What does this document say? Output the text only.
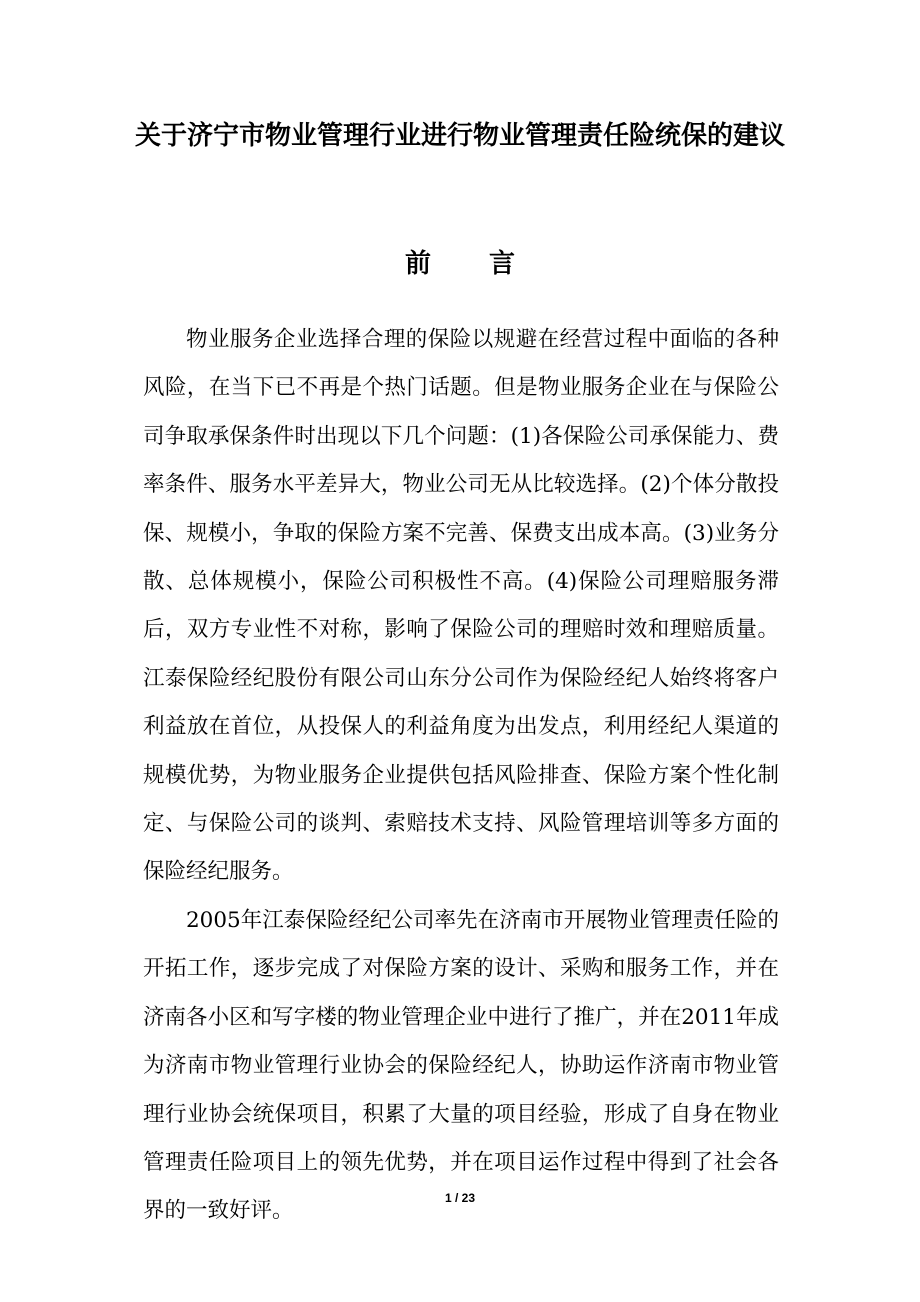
关于济宁市物业管理行业进行物业管理责任险统保的建议
前 言

物业服务企业选择合理的保险以规避在经营过程中面临的各种风险，在当下已不再是个热门话题。但是物业服务企业在与保险公司争取承保条件时出现以下几个问题：(1)各保险公司承保能力、费率条件、服务水平差异大，物业公司无从比较选择。(2)个体分散投保、规模小，争取的保险方案不完善、保费支出成本高。(3)业务分散、总体规模小，保险公司积极性不高。(4)保险公司理赔服务滞后，双方专业性不对称，影响了保险公司的理赔时效和理赔质量。江泰保险经纪股份有限公司山东分公司作为保险经纪人始终将客户利益放在首位，从投保人的利益角度为出发点，利用经纪人渠道的规模优势，为物业服务企业提供包括风险排查、保险方案个性化制定、与保险公司的谈判、索赔技术支持、风险管理培训等多方面的保险经纪服务。

2005年江泰保险经纪公司率先在济南市开展物业管理责任险的开拓工作，逐步完成了对保险方案的设计、采购和服务工作，并在济南各小区和写字楼的物业管理企业中进行了推广，并在2011年成为济南市物业管理行业协会的保险经纪人，协助运作济南市物业管理行业协会统保项目，积累了大量的项目经验，形成了自身在物业管理责任险项目上的领先优势，并在项目运作过程中得到了社会各界的一致好评。

1 / 23
